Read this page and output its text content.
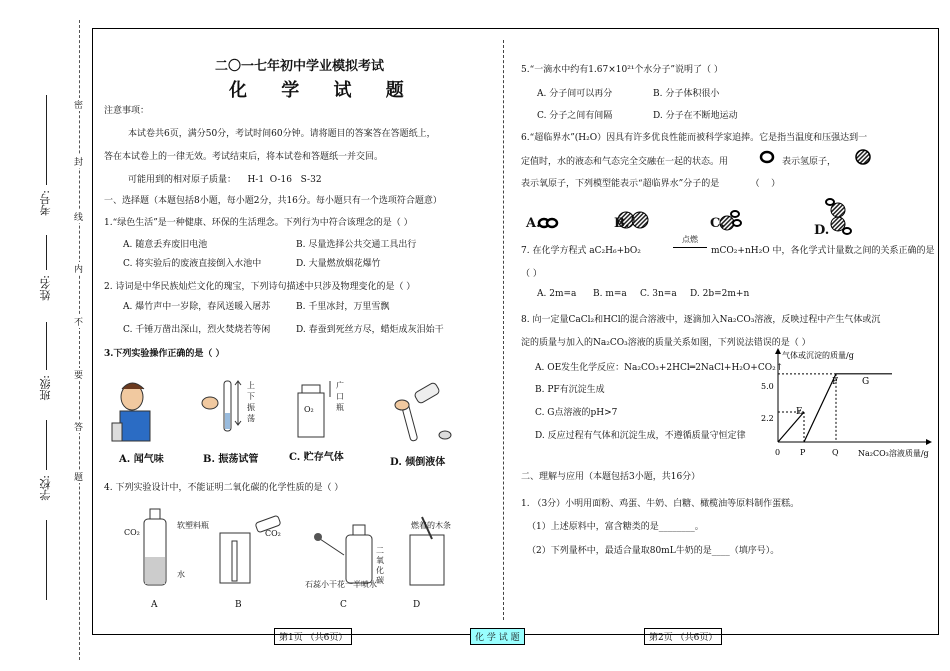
考号:
姓名:
班级:
学校:
密
封
线
内
不
要
答
题
二〇一七年初中学业模拟考试
化 学 试 题
注意事项：
本试卷共6页，满分50分，考试时间60分钟。请将题目的答案答在答题纸上，
答在本试卷上的一律无效。考试结束后，将本试卷和答题纸一并交回。
可能用到的相对原子质量：    H-1  O-16   S-32
一、选择题（本题包括8小题，每小题2分，共16分。每小题只有一个选项符合题意）
1.“绿色生活”是一种健康、环保的生活理念。下列行为中符合该理念的是（ ）
A. 随意丢弃废旧电池	B. 尽量选择公共交通工具出行
C. 将实验后的废液直接倒入水池中	D. 大量燃放烟花爆竹
2. 诗词是中华民族灿烂文化的瑰宝，下列诗句描述中只涉及物理变化的是（ ）
A. 爆竹声中一岁除，春风送暖入屠苏	B. 千里冰封，万里雪飘
C. 千锤万凿出深山，烈火焚烧若等闲	D. 春蚕到死丝方尽，蜡炬成灰泪始干
3.下列实验操作正确的是（ ）
上下振荡
广口瓶
O₂
A. 闻气味	B. 振荡试管	C. 贮存气体	D. 倾倒液体
4. 下列实验设计中，不能证明二氧化碳的化学性质的是（ ）
CO₂
软塑料瓶
水
CO₂
二氧化碳
石蕊小干花一半喷水
燃着的木条
A	B	C	D
5.“一滴水中约有1.67×10²¹个水分子”说明了（ ）
A. 分子间可以再分	B. 分子体积很小
C. 分子之间有间隔	D. 分子在不断地运动
6.“超临界水”(H₂O）因具有许多优良性能而被科学家追捧。它是指当温度和压强达到一
定值时，水的液态和气态完全交融在一起的状态。用	表示氢原子，
表示氧原子，下列模型能表示“超临界水”分子的是           （    ）
A.	B.	C.	D.
7. 在化学方程式 aC₂H₆+bO₂
点燃
mCO₂+nH₂O 中，各化学式计量数之间的关系正确的是
（ ）
A. 2m=a B. m=a C. 3n=a D. 2b=2m+n
8. 向一定量CaCl₂和HCl的混合溶液中，逐滴加入Na₂CO₃溶液，反映过程中产生气体或沉
淀的质量与加入的Na₂CO₃溶液的质量关系如图，下列说法错误的是（ ）
A. OE发生化学反应：Na₂CO₃+2HCl═2NaCl+H₂O+CO₂↑
B. PF有沉淀生成
C. G点溶液的pH>7
D. 反应过程有气体和沉淀生成，不遵循质量守恒定律
气体或沉淀的质量/g
Na₂CO₃溶液质量/g
2.2
5.0
0 P	Q
E
F	G
二、理解与应用（本题包括3小题，共16分）
1. （3分）小明用面粉、鸡蛋、牛奶、白糖、橄榄油等原料制作蛋糕。
（1）上述原料中，富含糖类的是________。
（2）下列量杯中，最适合量取80mL牛奶的是____（填序号）。
第1页 （共6页）	化 学 试 题	第2页 （共6页）
